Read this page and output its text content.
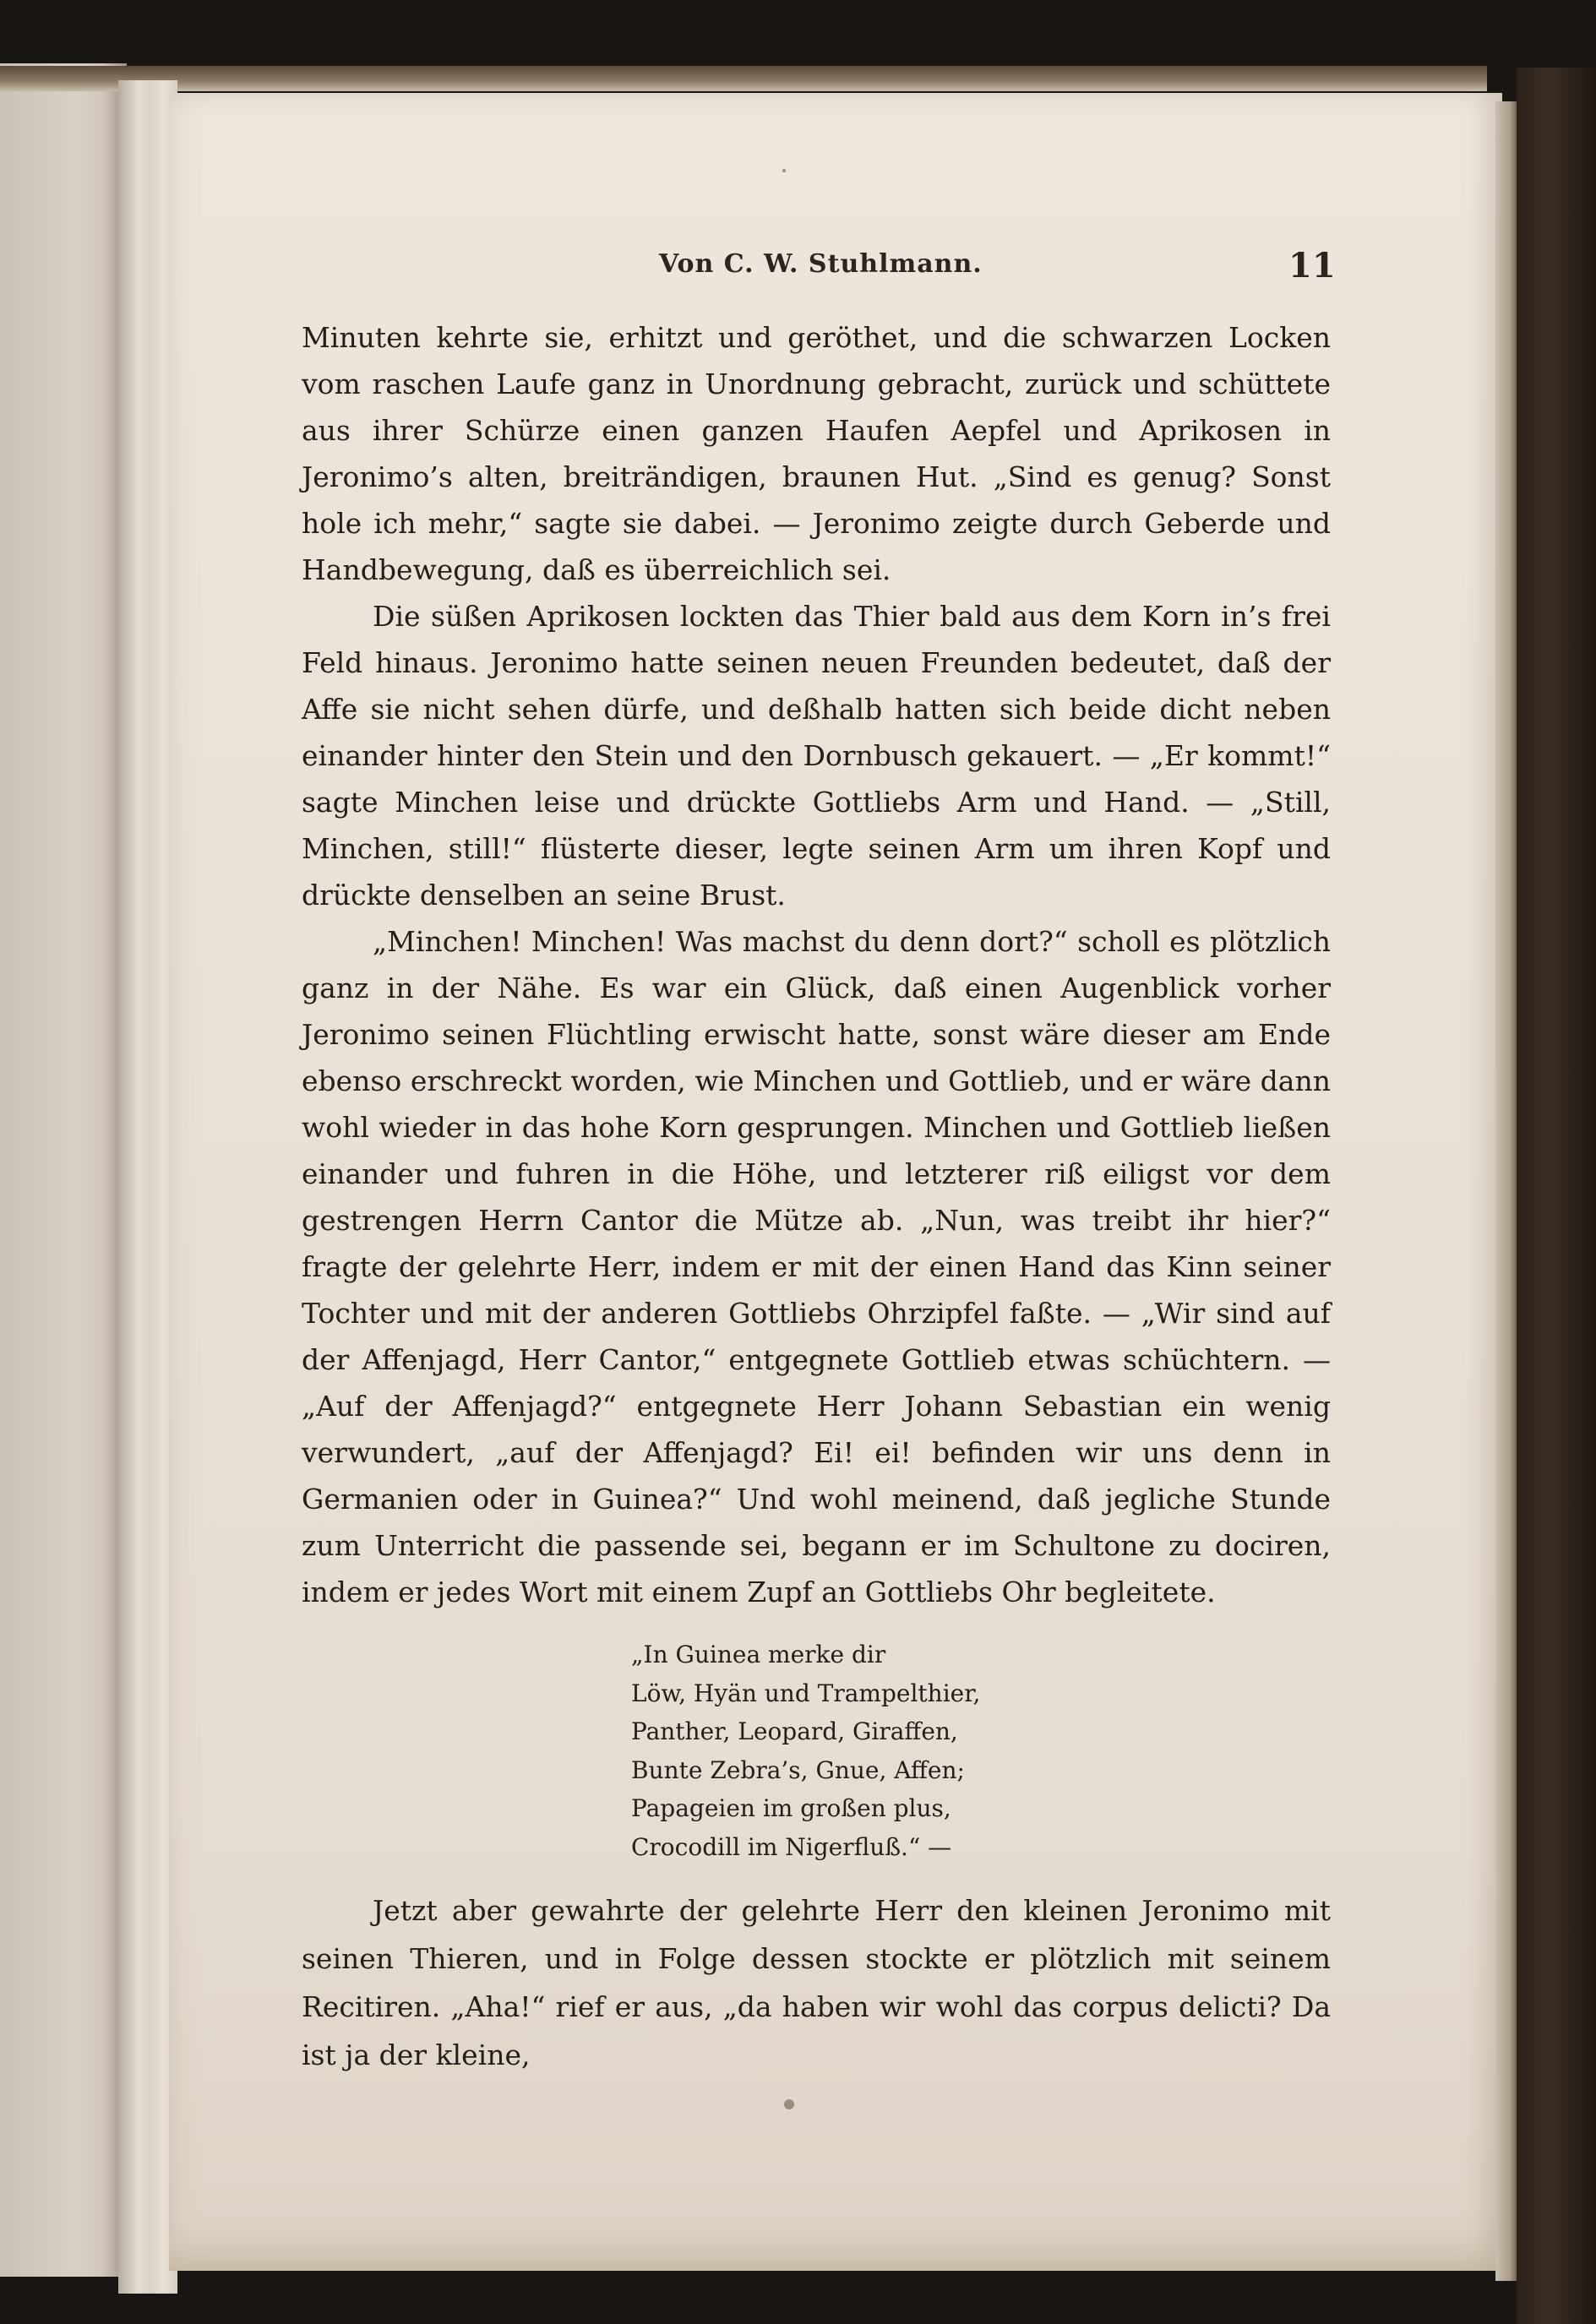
Von C. W. Stuhlmann.	11

Minuten kehrte sie, erhitzt und geröthet, und die schwarzen Locken vom raschen Laufe ganz in Unordnung gebracht, zurück und schüttete aus ihrer Schürze einen ganzen Haufen Aepfel und Aprikosen in Jeronimo’s alten, breiträndigen, braunen Hut. „Sind es genug? Sonst hole ich mehr,“ sagte sie dabei. — Jeronimo zeigte durch Geberde und Handbewegung, daß es überreichlich sei.

Die süßen Aprikosen lockten das Thier bald aus dem Korn in’s frei Feld hinaus. Jeronimo hatte seinen neuen Freunden bedeutet, daß der Affe sie nicht sehen dürfe, und deßhalb hatten sich beide dicht neben einander hinter den Stein und den Dornbusch gekauert. — „Er kommt!“ sagte Minchen leise und drückte Gottliebs Arm und Hand. — „Still, Minchen, still!“ flüsterte dieser, legte seinen Arm um ihren Kopf und drückte denselben an seine Brust.

„Minchen! Minchen! Was machst du denn dort?“ scholl es plötzlich ganz in der Nähe. Es war ein Glück, daß einen Augenblick vorher Jeronimo seinen Flüchtling erwischt hatte, sonst wäre dieser am Ende ebenso erschreckt worden, wie Minchen und Gottlieb, und er wäre dann wohl wieder in das hohe Korn gesprungen. Minchen und Gottlieb ließen einander und fuhren in die Höhe, und letzterer riß eiligst vor dem gestrengen Herrn Cantor die Mütze ab. „Nun, was treibt ihr hier?“ fragte der gelehrte Herr, indem er mit der einen Hand das Kinn seiner Tochter und mit der anderen Gottliebs Ohrzipfel faßte. — „Wir sind auf der Affenjagd, Herr Cantor,“ entgegnete Gottlieb etwas schüchtern. — „Auf der Affenjagd?“ entgegnete Herr Johann Sebastian ein wenig verwundert, „auf der Affenjagd? Ei! ei! befinden wir uns denn in Germanien oder in Guinea?“ Und wohl meinend, daß jegliche Stunde zum Unterricht die passende sei, begann er im Schultone zu dociren, indem er jedes Wort mit einem Zupf an Gottliebs Ohr begleitete.

„In Guinea merke dir
Löw, Hyän und Trampelthier,
Panther, Leopard, Giraffen,
Bunte Zebra’s, Gnue, Affen;
Papageien im großen plus,
Crocodill im Nigerfluß.“ —

Jetzt aber gewahrte der gelehrte Herr den kleinen Jeronimo mit seinen Thieren, und in Folge dessen stockte er plötzlich mit seinem Recitiren. „Aha!“ rief er aus, „da haben wir wohl das corpus delicti? Da ist ja der kleine,
